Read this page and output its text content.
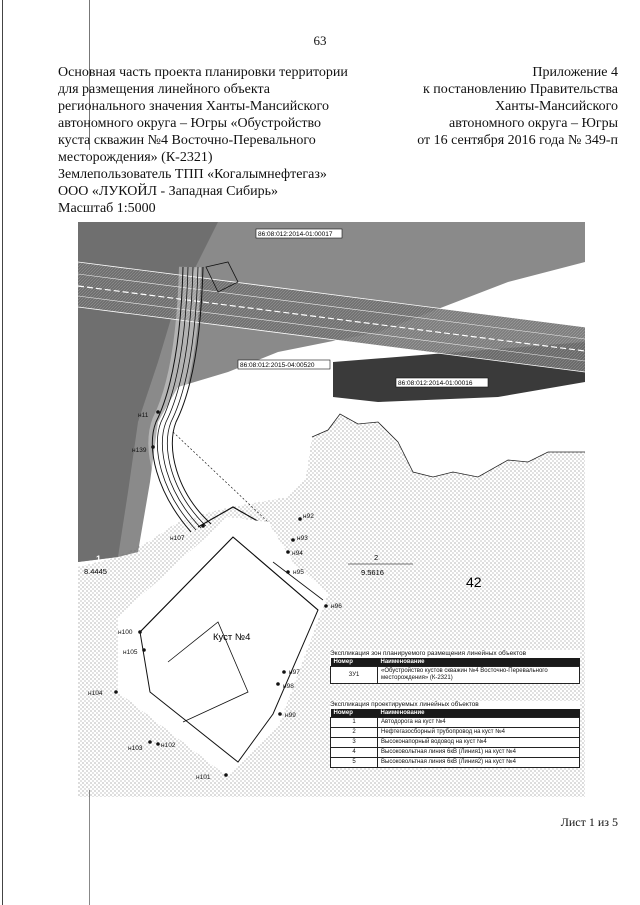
63
Основная часть проекта планировки территории
для размещения линейного объекта
регионального значения Ханты-Мансийского
автономного округа – Югры «Обустройство
куста скважин №4 Восточно-Перевального
месторождения» (К-2321)
Землепользователь ТПП «Когалымнефтегаз»
ООО «ЛУКОЙЛ - Западная Сибирь»
Масштаб 1:5000
Приложение 4
к постановлению Правительства
Ханты-Мансийского
автономного округа – Югры
от 16 сентября 2016 года № 349-п
86:08:012:2014-01:00017
86:08:012:2015-04:00520
86:08:012:2014-01:00016
Куст №4
42
2
9.5616
1
8.4445
н107
н100
н105
н104
н103	н102
н101
н95
н96
н97
н98
н99
н94
н93
н92
н11
н139
Экспликация зон планируемого размещения линейных объектов
Номер	Наименование
ЗУ1	«Обустройство кустов скважин №4 Восточно-Перевального месторождения» (К-2321)
Экспликация проектируемых линейных объектов
Номер	Наименование
1	Автодорога на куст №4
2	Нефтегазосборный трубопровод на куст №4
3	Высоконапорный водовод на куст №4
4	Высоковольтная линия 6кВ (Линия1) на куст №4
5	Высоковольтная линия 6кВ (Линия2) на куст №4
Лист 1 из 5
